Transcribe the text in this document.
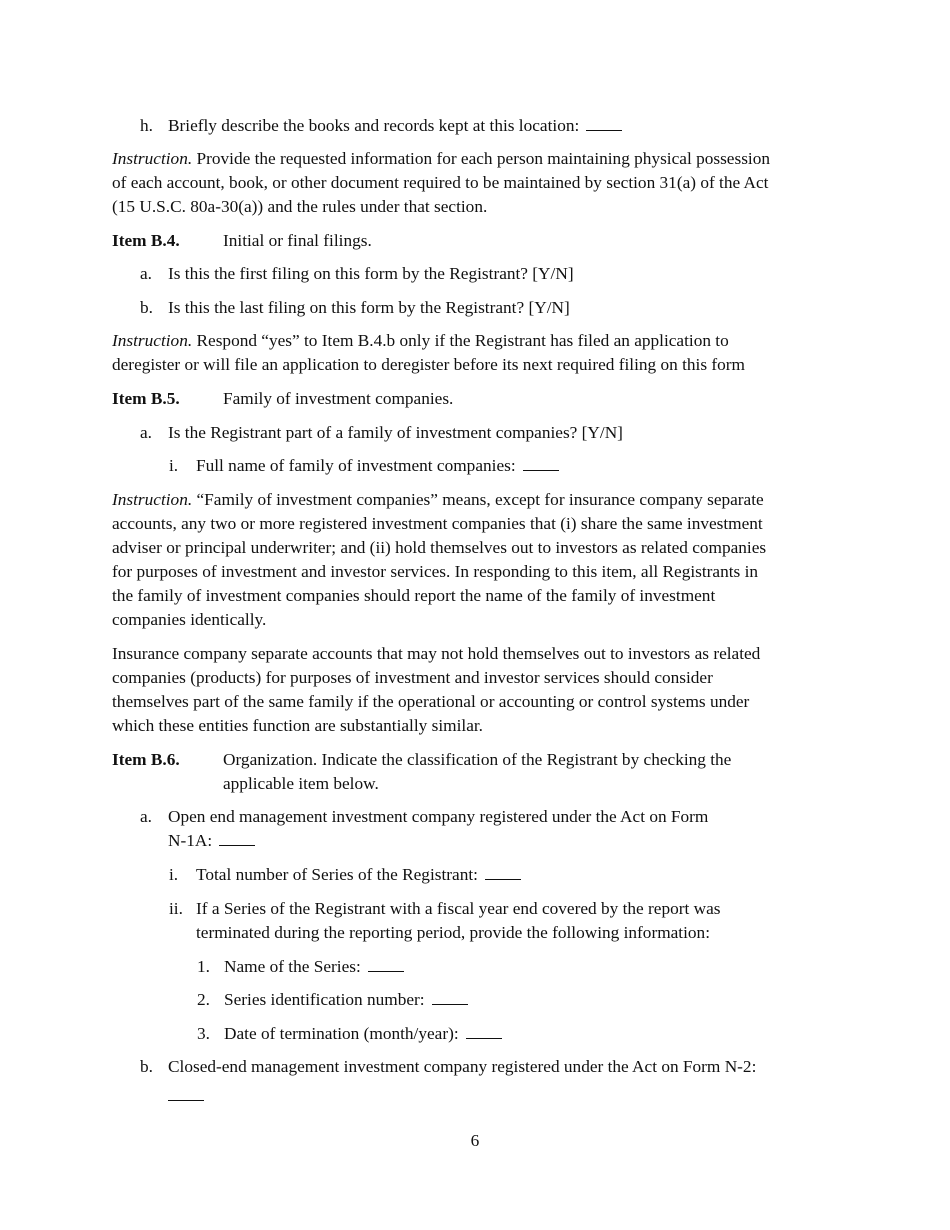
h. Briefly describe the books and records kept at this location:
Instruction. Provide the requested information for each person maintaining physical possession
of each account, book, or other document required to be maintained by section 31(a) of the Act
(15 U.S.C. 80a-30(a)) and the rules under that section.
Item B.4.	Initial or final filings.
a. Is this the first filing on this form by the Registrant? [Y/N]
b. Is this the last filing on this form by the Registrant? [Y/N]
Instruction. Respond “yes” to Item B.4.b only if the Registrant has filed an application to
deregister or will file an application to deregister before its next required filing on this form
Item B.5.	Family of investment companies.
a. Is the Registrant part of a family of investment companies? [Y/N]
i. Full name of family of investment companies:
Instruction. “Family of investment companies” means, except for insurance company separate
accounts, any two or more registered investment companies that (i) share the same investment
adviser or principal underwriter; and (ii) hold themselves out to investors as related companies
for purposes of investment and investor services. In responding to this item, all Registrants in
the family of investment companies should report the name of the family of investment
companies identically.
Insurance company separate accounts that may not hold themselves out to investors as related
companies (products) for purposes of investment and investor services should consider
themselves part of the same family if the operational or accounting or control systems under
which these entities function are substantially similar.
Item B.6.	Organization. Indicate the classification of the Registrant by checking the
applicable item below.
a. Open end management investment company registered under the Act on Form
N-1A:
i. Total number of Series of the Registrant:
ii. If a Series of the Registrant with a fiscal year end covered by the report was
terminated during the reporting period, provide the following information:
1. Name of the Series:
2. Series identification number:
3. Date of termination (month/year):
b. Closed-end management investment company registered under the Act on Form N-2:
6
